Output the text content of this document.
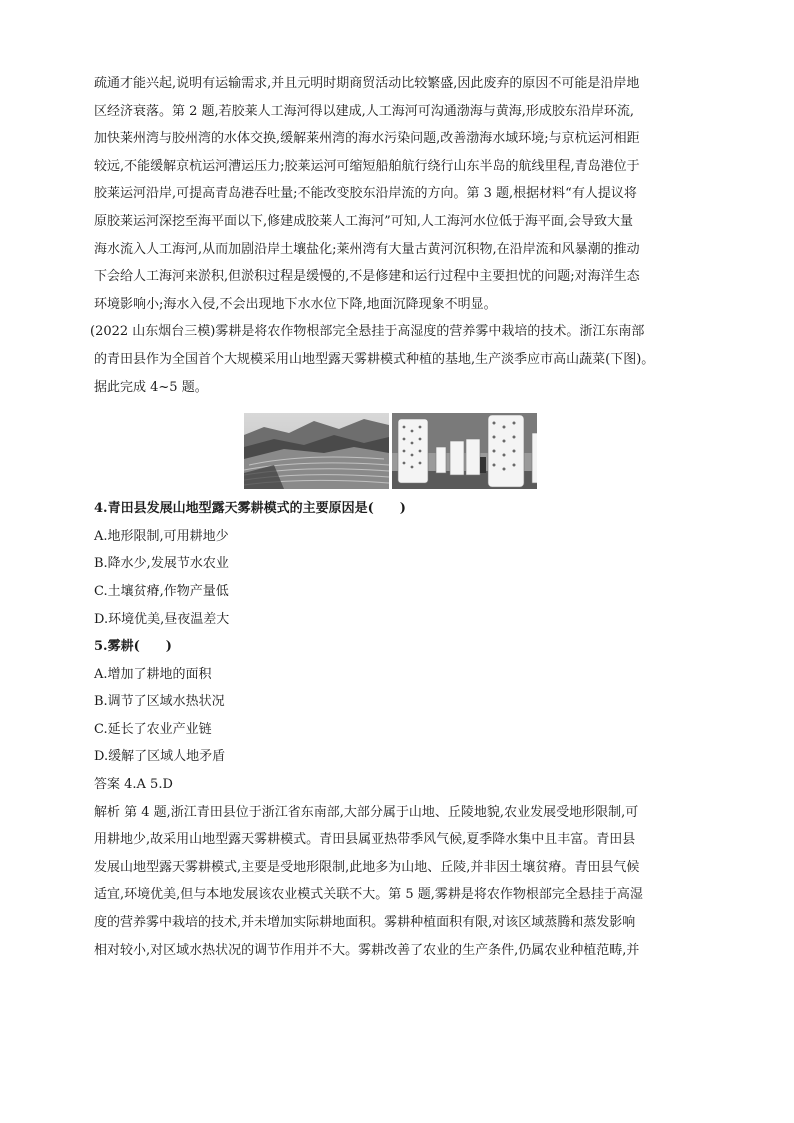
疏通才能兴起,说明有运输需求,并且元明时期商贸活动比较繁盛,因此废弃的原因不可能是沿岸地
区经济衰落。第 2 题,若胶莱人工海河得以建成,人工海河可沟通渤海与黄海,形成胶东沿岸环流,
加快莱州湾与胶州湾的水体交换,缓解莱州湾的海水污染问题,改善渤海水域环境;与京杭运河相距
较远,不能缓解京杭运河漕运压力;胶莱运河可缩短船舶航行绕行山东半岛的航线里程,青岛港位于
胶莱运河沿岸,可提高青岛港吞吐量;不能改变胶东沿岸流的方向。第 3 题,根据材料“有人提议将
原胶莱运河深挖至海平面以下,修建成胶莱人工海河”可知,人工海河水位低于海平面,会导致大量
海水流入人工海河,从而加剧沿岸土壤盐化;莱州湾有大量古黄河沉积物,在沿岸流和风暴潮的推动
下会给人工海河来淤积,但淤积过程是缓慢的,不是修建和运行过程中主要担忧的问题;对海洋生态
环境影响小;海水入侵,不会出现地下水水位下降,地面沉降现象不明显。
(2022 山东烟台三模)雾耕是将农作物根部完全悬挂于高湿度的营养雾中栽培的技术。浙江东南部
的青田县作为全国首个大规模采用山地型露天雾耕模式种植的基地,生产淡季应市高山蔬菜(下图)。
据此完成 4~5 题。
4.青田县发展山地型露天雾耕模式的主要原因是(　　)
A.地形限制,可用耕地少
B.降水少,发展节水农业
C.土壤贫瘠,作物产量低
D.环境优美,昼夜温差大
5.雾耕(　　)
A.增加了耕地的面积
B.调节了区域水热状况
C.延长了农业产业链
D.缓解了区域人地矛盾
答案 4.A 5.D
解析 第 4 题,浙江青田县位于浙江省东南部,大部分属于山地、丘陵地貌,农业发展受地形限制,可
用耕地少,故采用山地型露天雾耕模式。青田县属亚热带季风气候,夏季降水集中且丰富。青田县
发展山地型露天雾耕模式,主要是受地形限制,此地多为山地、丘陵,并非因土壤贫瘠。青田县气候
适宜,环境优美,但与本地发展该农业模式关联不大。第 5 题,雾耕是将农作物根部完全悬挂于高湿
度的营养雾中栽培的技术,并未增加实际耕地面积。雾耕种植面积有限,对该区域蒸腾和蒸发影响
相对较小,对区域水热状况的调节作用并不大。雾耕改善了农业的生产条件,仍属农业种植范畴,并
